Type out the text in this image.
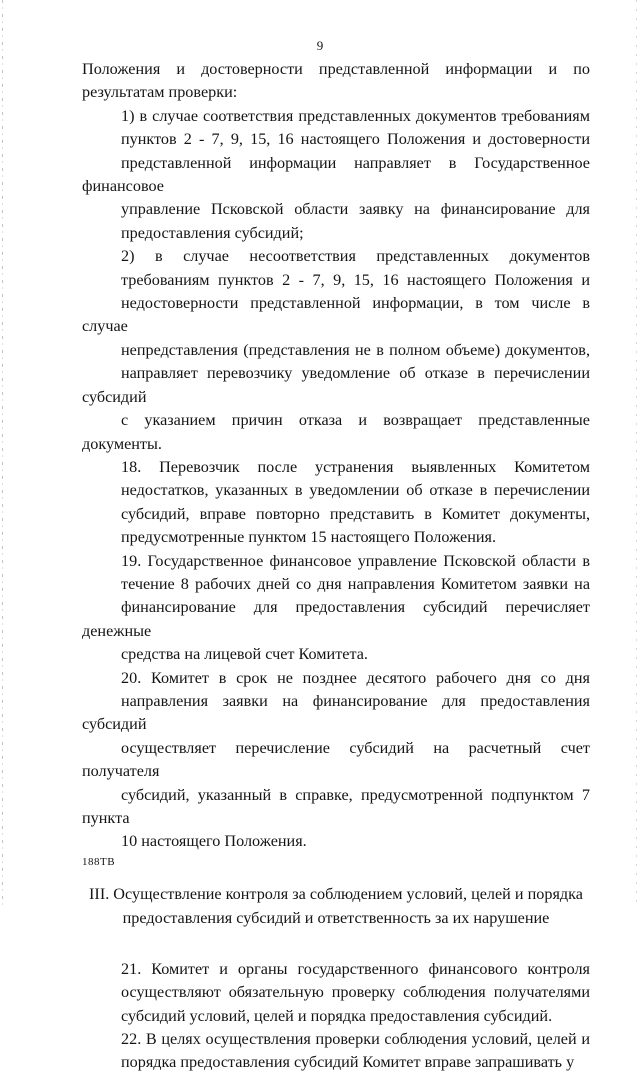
9

Положения и достоверности представленной информации и по
результатам проверки:

1) в случае соответствия представленных документов требованиям
пунктов 2 - 7, 9, 15, 16 настоящего Положения и достоверности
представленной информации направляет в Государственное финансовое
управление Псковской области заявку на финансирование для
предоставления субсидий;

2) в случае несоответствия представленных документов
требованиям пунктов 2 - 7, 9, 15, 16 настоящего Положения и
недостоверности представленной информации, в том числе в случае
непредставления (представления не в полном объеме) документов,
направляет перевозчику уведомление об отказе в перечислении субсидий
с указанием причин отказа и возвращает представленные документы.

18. Перевозчик после устранения выявленных Комитетом
недостатков, указанных в уведомлении об отказе в перечислении
субсидий, вправе повторно представить в Комитет документы,
предусмотренные пунктом 15 настоящего Положения.

19. Государственное финансовое управление Псковской области в
течение 8 рабочих дней со дня направления Комитетом заявки на
финансирование для предоставления субсидий перечисляет денежные
средства на лицевой счет Комитета.

20. Комитет в срок не позднее десятого рабочего дня со дня
направления заявки на финансирование для предоставления субсидий
осуществляет перечисление субсидий на расчетный счет получателя
субсидий, указанный в справке, предусмотренной подпунктом 7 пункта
10 настоящего Положения.

III. Осуществление контроля за соблюдением условий, целей и порядка
предоставления субсидий и ответственность за их нарушение

21. Комитет и органы государственного финансового контроля
осуществляют обязательную проверку соблюдения получателями
субсидий условий, целей и порядка предоставления субсидий.

22. В целях осуществления проверки соблюдения условий, целей и
порядка предоставления субсидий Комитет вправе запрашивать у

188ТВ
